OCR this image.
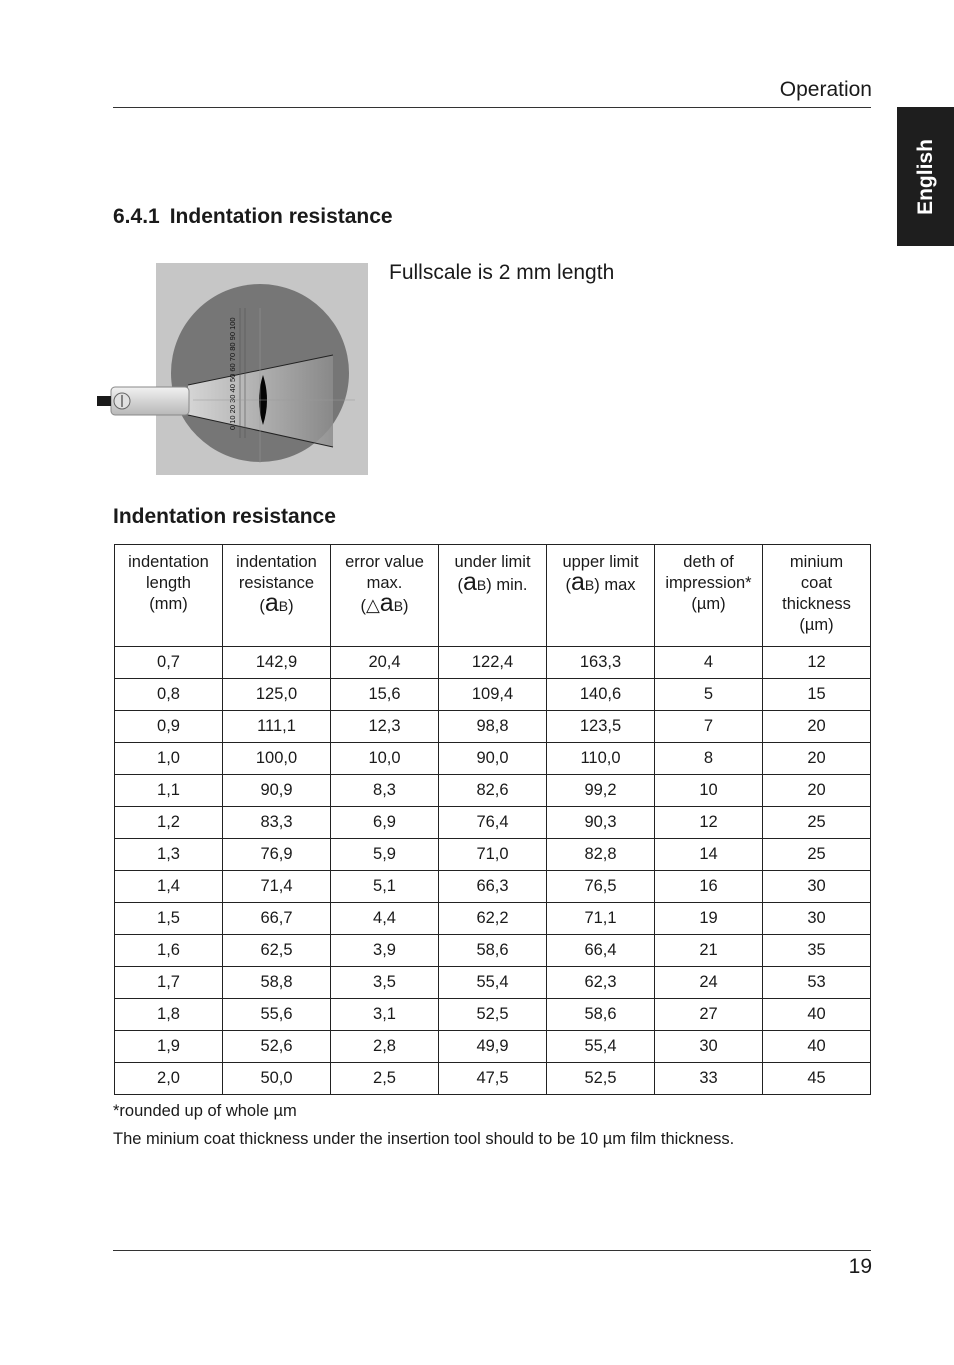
Operation
English
6.4.1 Indentation resistance
0 10 20 30 40 50 60 70 80 90 100
Fullscale is 2 mm length
Indentation resistance
indentation
length
(mm)	indentation
resistance
(aB)	error value
max.
(△aB)	under limit
(aB) min.	upper limit
(aB) max	deth of
impression*
(µm)	minium
coat
thickness
(µm)
0,7	142,9	20,4	122,4	163,3	4	12
0,8	125,0	15,6	109,4	140,6	5	15
0,9	111,1	12,3	98,8	123,5	7	20
1,0	100,0	10,0	90,0	110,0	8	20
1,1	90,9	8,3	82,6	99,2	10	20
1,2	83,3	6,9	76,4	90,3	12	25
1,3	76,9	5,9	71,0	82,8	14	25
1,4	71,4	5,1	66,3	76,5	16	30
1,5	66,7	4,4	62,2	71,1	19	30
1,6	62,5	3,9	58,6	66,4	21	35
1,7	58,8	3,5	55,4	62,3	24	53
1,8	55,6	3,1	52,5	58,6	27	40
1,9	52,6	2,8	49,9	55,4	30	40
2,0	50,0	2,5	47,5	52,5	33	45
*rounded up of whole µm
The minium coat thickness under the insertion tool should to be 10 µm film thickness.
19
